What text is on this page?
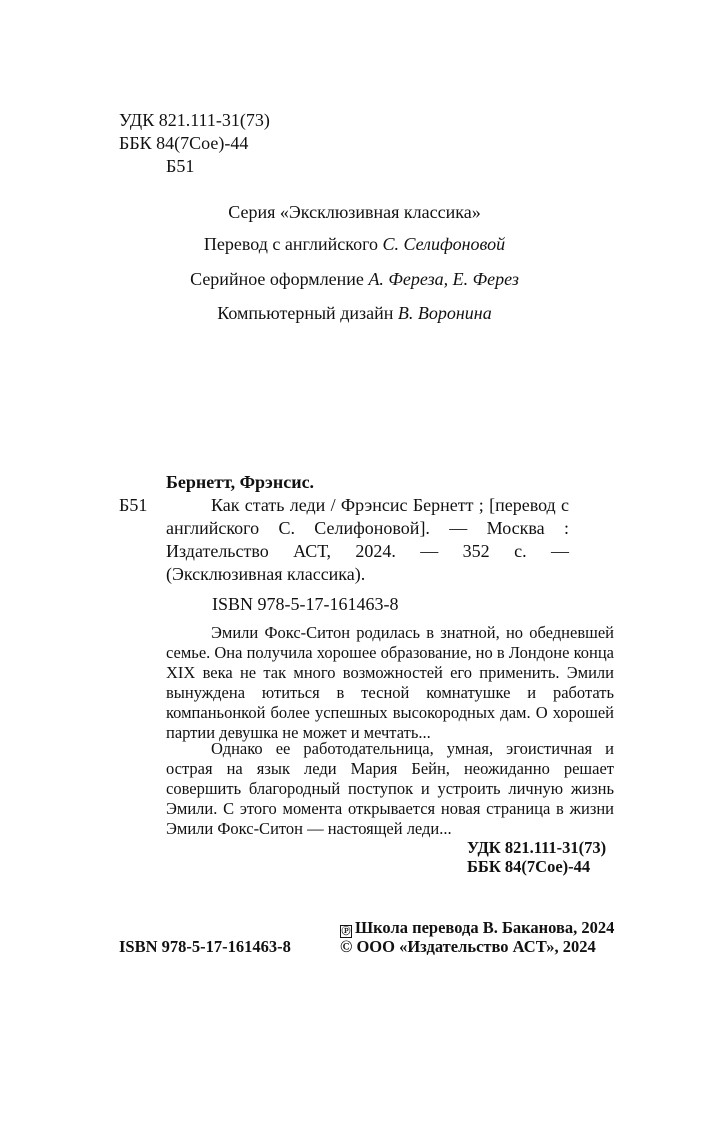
УДК 821.111-31(73)
ББК 84(7Сое)-44
Б51
Серия «Эксклюзивная классика»
Перевод с английского С. Селифоновой
Серийное оформление А. Фереза, Е. Ферез
Компьютерный дизайн В. Воронина
Бернетт, Фрэнсис.
Б51	Как стать леди / Фрэнсис Бернетт ; [перевод с английского С. Селифоновой]. — Москва : Издательство АСТ, 2024. — 352 с. — (Эксклюзивная классика).
ISBN 978-5-17-161463-8
Эмили Фокс-Ситон родилась в знатной, но обедневшей семье. Она получила хорошее образование, но в Лондоне конца XIX века не так много возможностей его применить. Эмили вынуждена ютиться в тесной комнатушке и работать компаньонкой более успешных высокородных дам. О хорошей партии девушка не может и мечтать...
Однако ее работодательница, умная, эгоистичная и острая на язык леди Мария Бейн, неожиданно решает совершить благородный поступок и устроить личную жизнь Эмили. С этого момента открывается новая страница в жизни Эмили Фокс-Ситон — настоящей леди...
УДК 821.111-31(73)
ББК 84(7Сое)-44
ISBN 978-5-17-161463-8
Ⓟ Школа перевода В. Баканова, 2024
© ООО «Издательство АСТ», 2024
